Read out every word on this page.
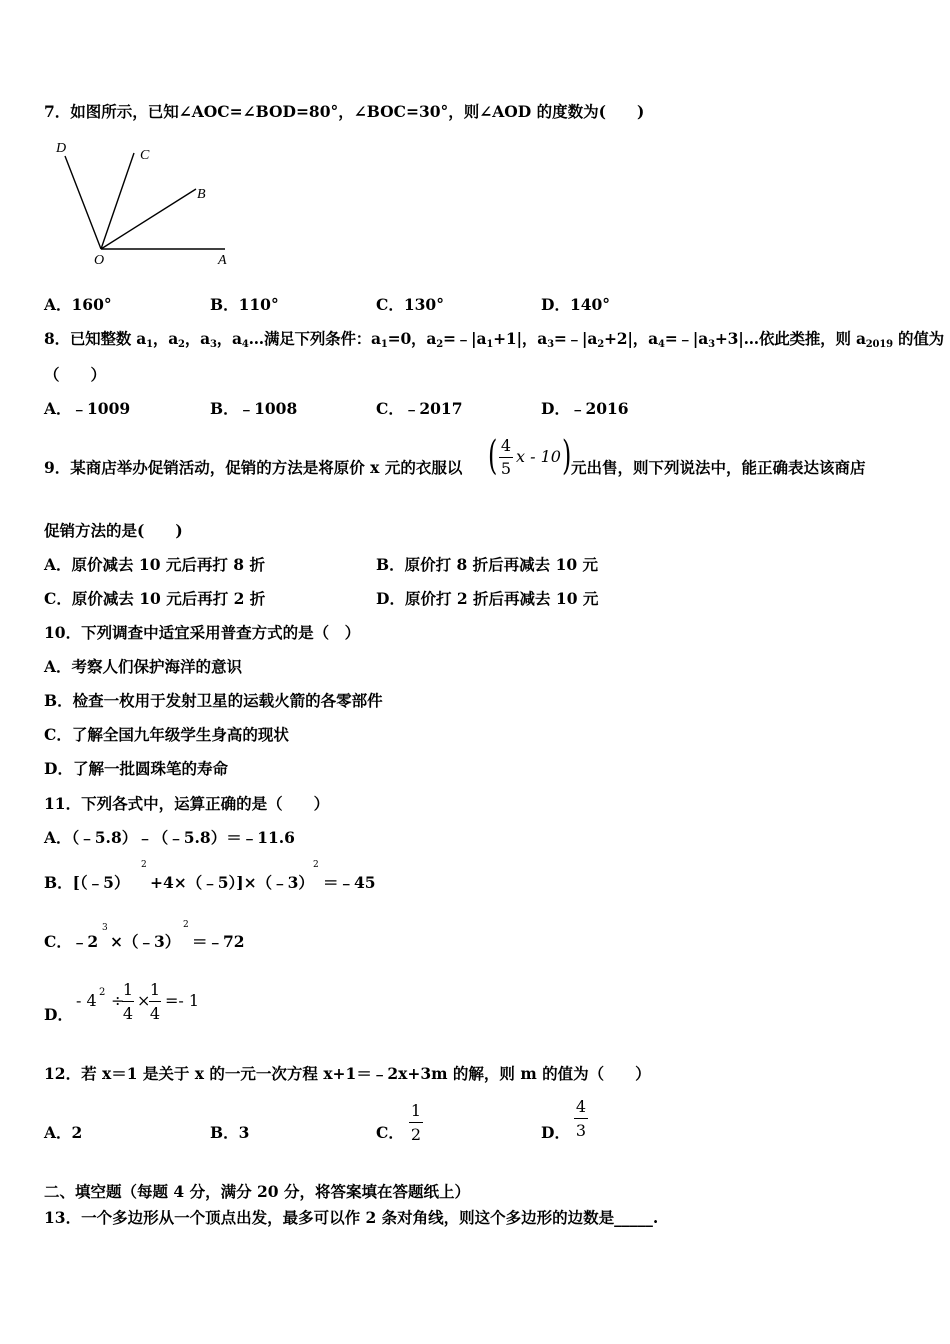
7．如图所示，已知∠AOC=∠BOD=80°，∠BOC=30°，则∠AOD 的度数为(　　)
D	C
B
O	A
A．160°	B．110°	C．130°	D．140°
8．已知整数 $a_1$，$a_2$，$a_3$，$a_4\dots$满足下列条件：$a_1=0$，$a_2=﹣|a_1+1|$，$a_3=﹣|a_2+2|$，$a_4=﹣|a_3+3|\dots$依此类推，则 $a_{2019}$ 的值为
（　　）
A．﹣1009	B．﹣1008	C．﹣2017	D．﹣2016
9．某商店举办促销活动，促销的方法是将原价 x 元的衣服以 ( 4
5
x - 10 ) 元出售，则下列说法中，能正确表达该商店
促销方法的是(　　)
A．原价减去 10 元后再打 8 折	B．原价打 8 折后再减去 10 元
C．原价减去 10 元后再打 2 折	D．原价打 2 折后再减去 10 元
10．下列调查中适宜采用普查方式的是（　）
A．考察人们保护海洋的意识
B．检查一枚用于发射卫星的运载火箭的各零部件
C．了解全国九年级学生身高的现状
D．了解一批圆珠笔的寿命
11．下列各式中，运算正确的是（　　）
A．（﹣5.8）﹣（﹣5.8）＝﹣11.6
B．[（﹣5）
2
+4×（﹣5）]×（﹣3）
2
＝﹣45
C．﹣2
3
×（﹣3）
2
＝﹣72
D．
- 4 2 ÷
1
4
×
1
4
=- 1
12．若 x＝1 是关于 x 的一元一次方程 x+1＝﹣2x+3m 的解，则 m 的值为（　　）
A．2	B．3	C．
1
2	D．
4
3
二、填空题（每题 4 分，满分 20 分，将答案填在答题纸上）
13．一个多边形从一个顶点出发，最多可以作 2 条对角线，则这个多边形的边数是_____.
